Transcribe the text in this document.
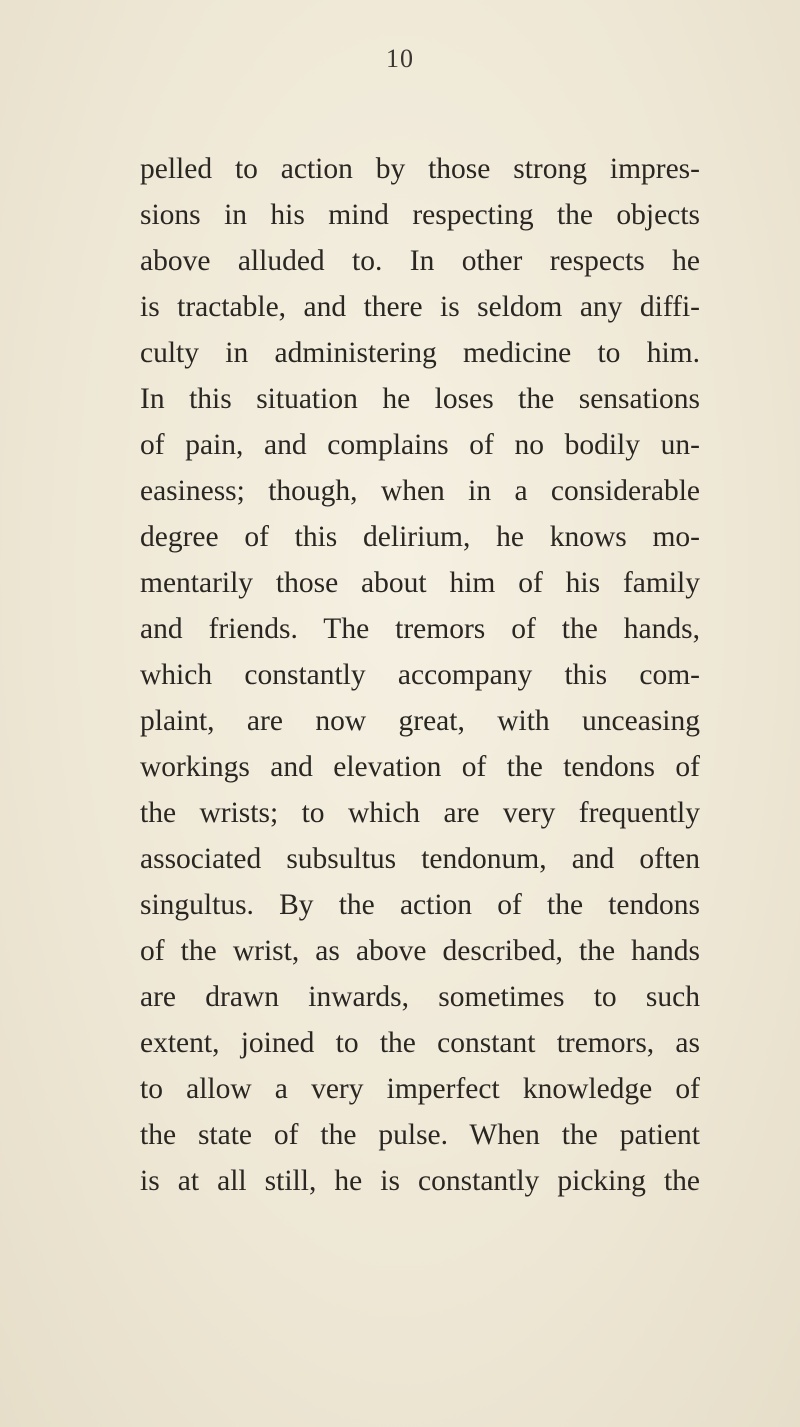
10
pelled to action by those strong impres-
sions in his mind respecting the objects
above alluded to. In other respects he
is tractable, and there is seldom any diffi-
culty in administering medicine to him.
In this situation he loses the sensations
of pain, and complains of no bodily un-
easiness; though, when in a considerable
degree of this delirium, he knows mo-
mentarily those about him of his family
and friends. The tremors of the hands,
which constantly accompany this com-
plaint, are now great, with unceasing
workings and elevation of the tendons of
the wrists; to which are very frequently
associated subsultus tendonum, and often
singultus. By the action of the tendons
of the wrist, as above described, the hands
are drawn inwards, sometimes to such
extent, joined to the constant tremors, as
to allow a very imperfect knowledge of
the state of the pulse. When the patient
is at all still, he is constantly picking the
